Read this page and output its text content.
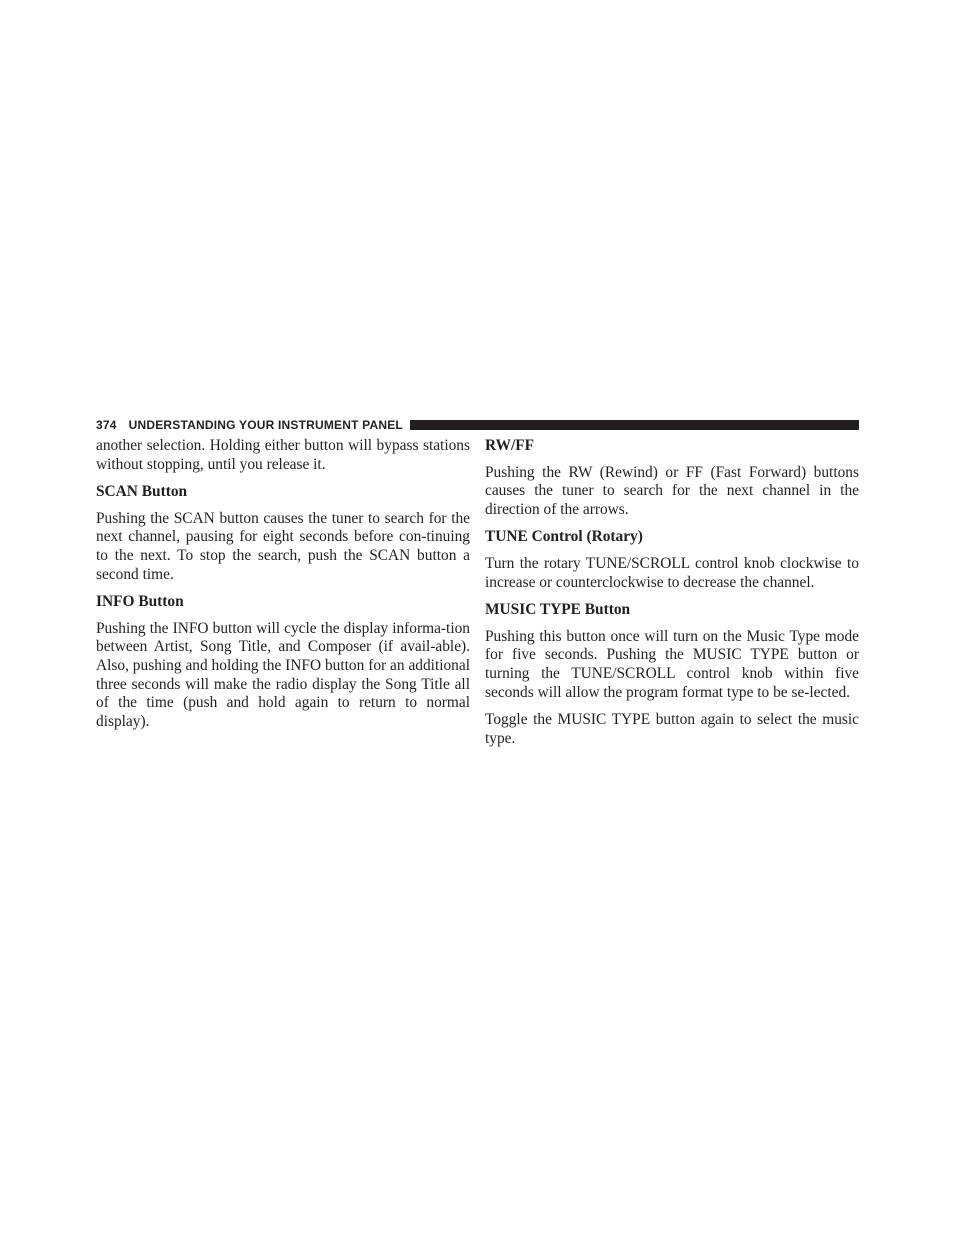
374 UNDERSTANDING YOUR INSTRUMENT PANEL

another selection. Holding either button will bypass stations without stopping, until you release it.

SCAN Button

Pushing the SCAN button causes the tuner to search for the next channel, pausing for eight seconds before con-tinuing to the next. To stop the search, push the SCAN button a second time.

INFO Button

Pushing the INFO button will cycle the display informa-tion between Artist, Song Title, and Composer (if avail-able). Also, pushing and holding the INFO button for an additional three seconds will make the radio display the Song Title all of the time (push and hold again to return to normal display).

RW/FF

Pushing the RW (Rewind) or FF (Fast Forward) buttons causes the tuner to search for the next channel in the direction of the arrows.

TUNE Control (Rotary)

Turn the rotary TUNE/SCROLL control knob clockwise to increase or counterclockwise to decrease the channel.

MUSIC TYPE Button

Pushing this button once will turn on the Music Type mode for five seconds. Pushing the MUSIC TYPE button or turning the TUNE/SCROLL control knob within five seconds will allow the program format type to be se-lected.

Toggle the MUSIC TYPE button again to select the music type.
